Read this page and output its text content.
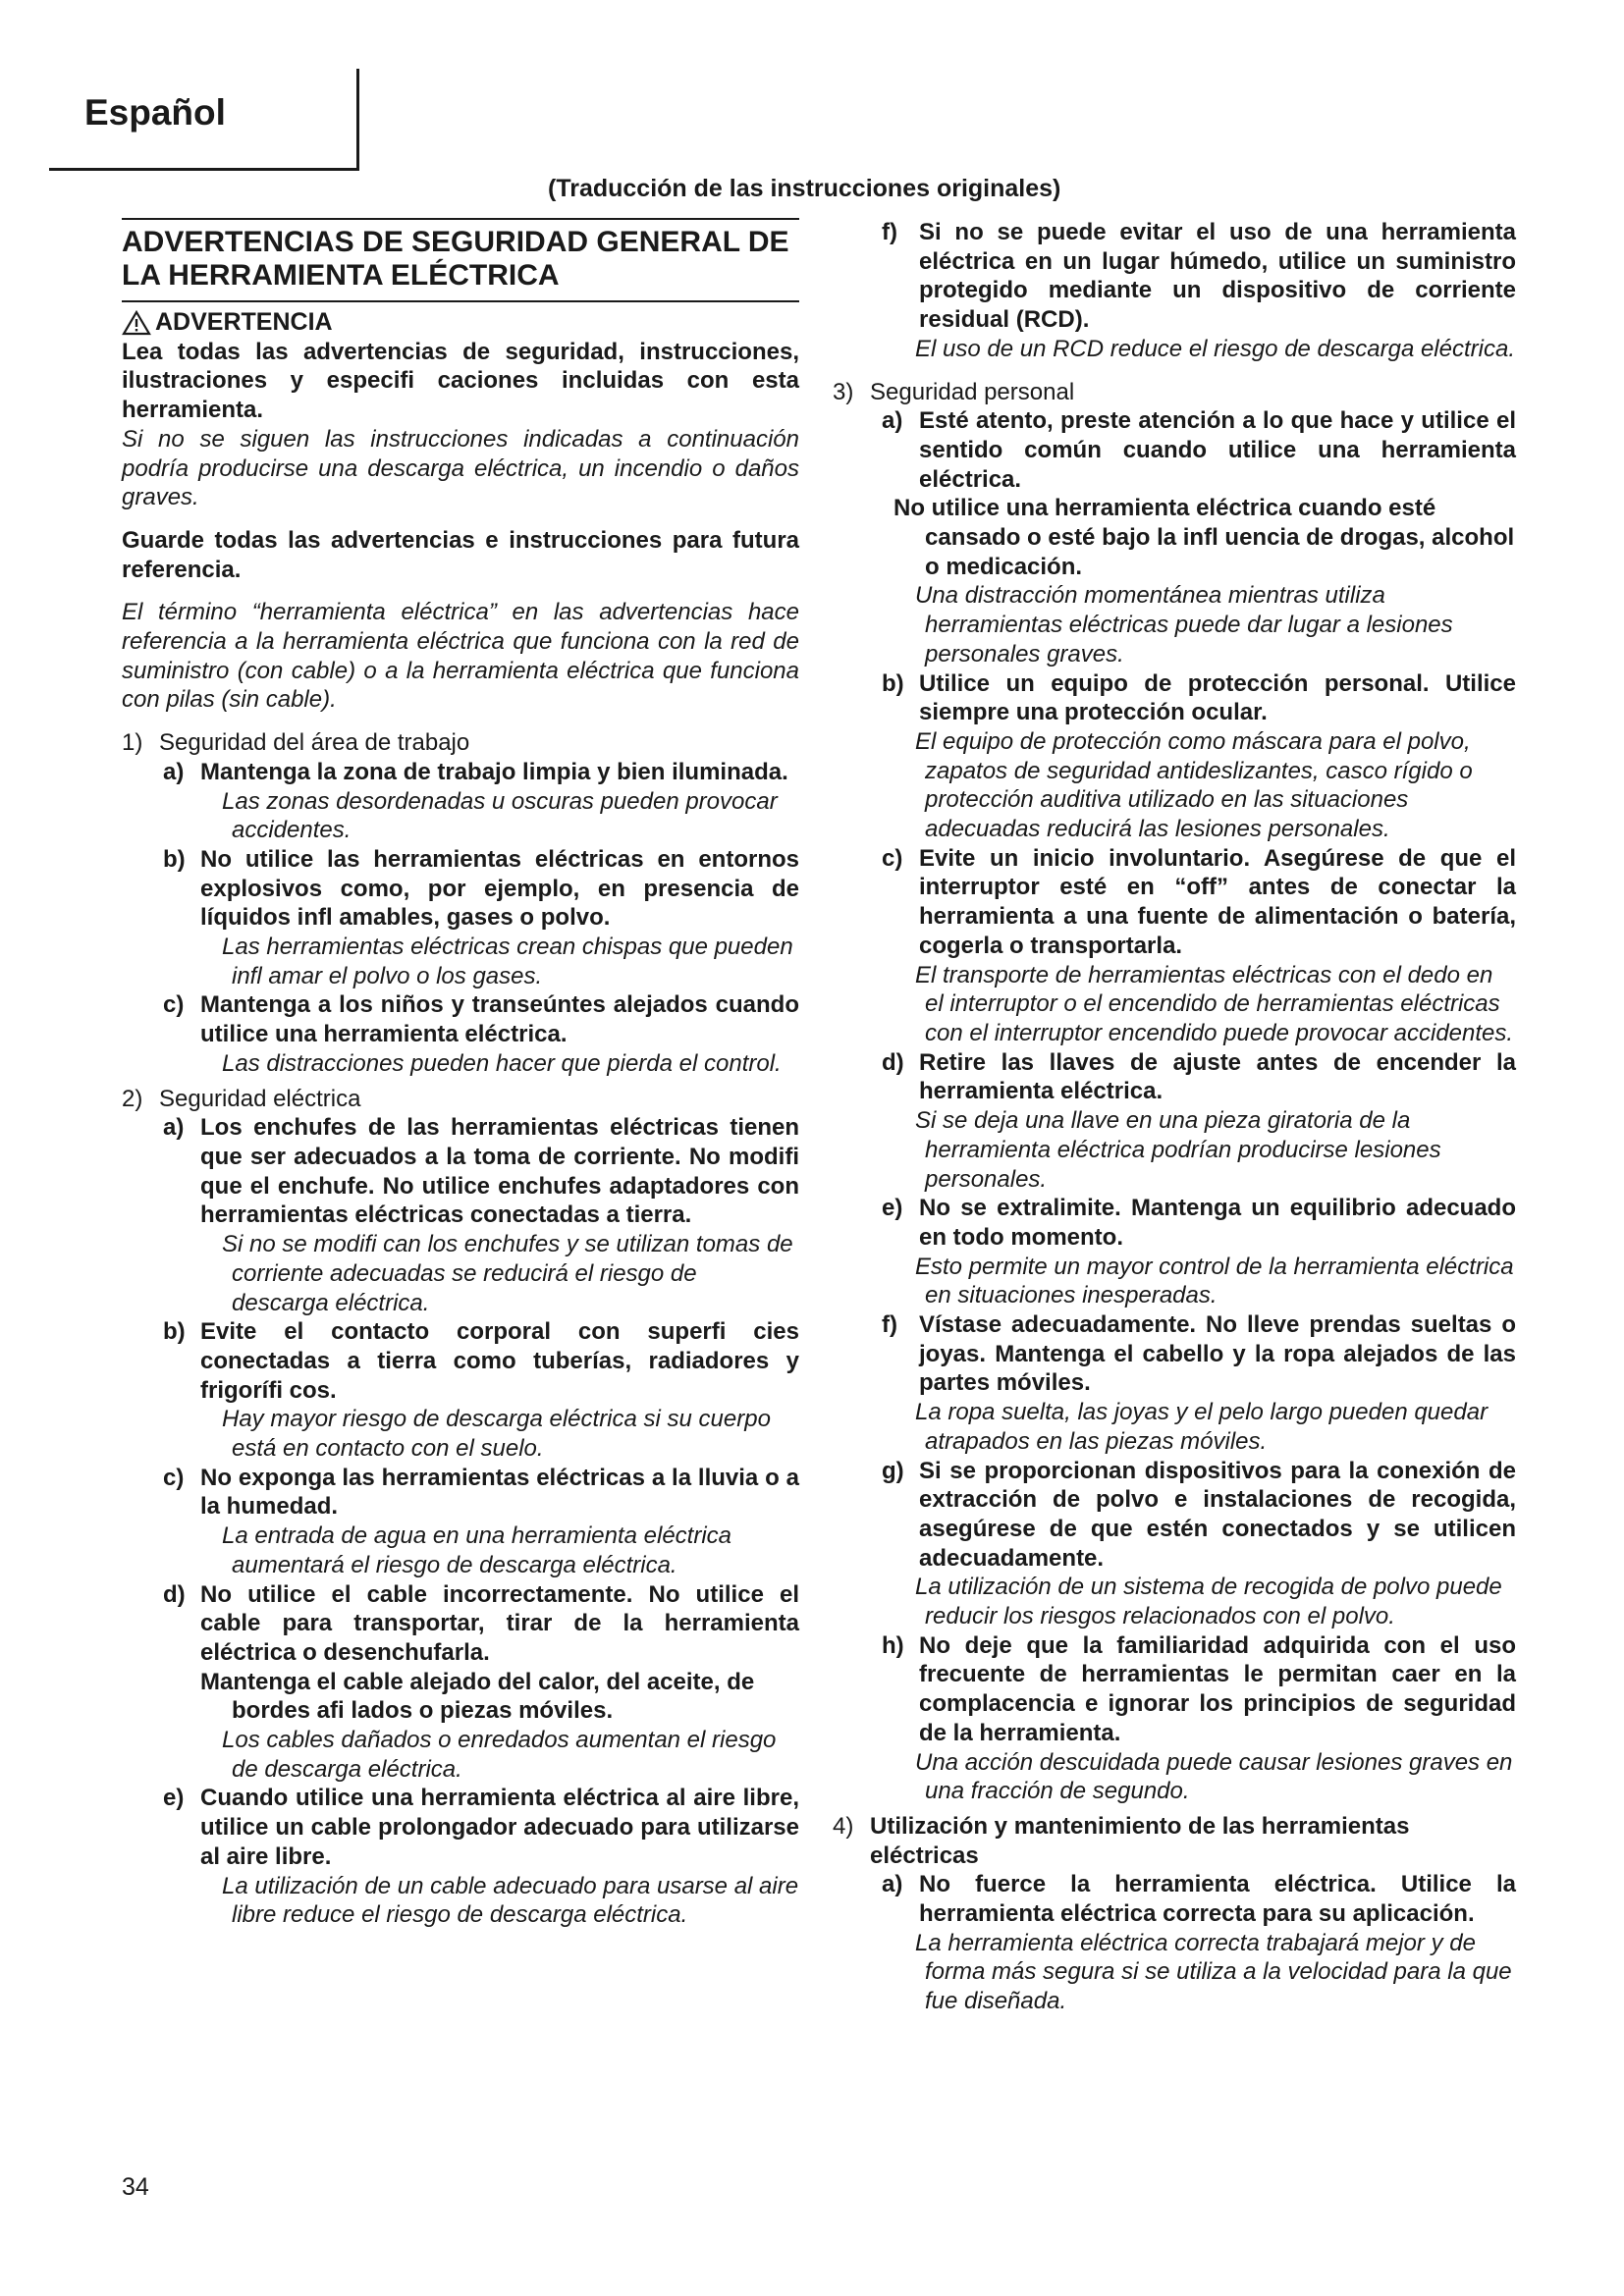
Español
(Traducción de las instrucciones originales)
ADVERTENCIAS DE SEGURIDAD GENERAL DE
LA HERRAMIENTA ELÉCTRICA
ADVERTENCIA
Lea todas las advertencias de seguridad, instrucciones, ilustraciones y especifi caciones incluidas con esta herramienta.
Si no se siguen las instrucciones indicadas a continuación podría producirse una descarga eléctrica, un incendio o daños graves.
Guarde todas las advertencias e instrucciones para futura referencia.
El término “herramienta eléctrica” en las advertencias hace referencia a la herramienta eléctrica que funciona con la red de suministro (con cable) o a la herramienta eléctrica que funciona con pilas (sin cable).
1) Seguridad del área de trabajo
a) Mantenga la zona de trabajo limpia y bien iluminada.
Las zonas desordenadas u oscuras pueden provocar accidentes.
b) No utilice las herramientas eléctricas en entornos explosivos como, por ejemplo, en presencia de líquidos infl amables, gases o polvo.
Las herramientas eléctricas crean chispas que pueden infl amar el polvo o los gases.
c) Mantenga a los niños y transeúntes alejados cuando utilice una herramienta eléctrica.
Las distracciones pueden hacer que pierda el control.
2) Seguridad eléctrica
a) Los enchufes de las herramientas eléctricas tienen que ser adecuados a la toma de corriente. No modifi que el enchufe. No utilice enchufes adaptadores con herramientas eléctricas conectadas a tierra.
Si no se modifi can los enchufes y se utilizan tomas de corriente adecuadas se reducirá el riesgo de descarga eléctrica.
b) Evite el contacto corporal con superfi cies conectadas a tierra como tuberías, radiadores y frigorífi cos.
Hay mayor riesgo de descarga eléctrica si su cuerpo está en contacto con el suelo.
c) No exponga las herramientas eléctricas a la lluvia o a la humedad.
La entrada de agua en una herramienta eléctrica aumentará el riesgo de descarga eléctrica.
d) No utilice el cable incorrectamente. No utilice el cable para transportar, tirar de la herramienta eléctrica o desenchufarla.
Mantenga el cable alejado del calor, del aceite, de bordes afi lados o piezas móviles.
Los cables dañados o enredados aumentan el riesgo de descarga eléctrica.
e) Cuando utilice una herramienta eléctrica al aire libre, utilice un cable prolongador adecuado para utilizarse al aire libre.
La utilización de un cable adecuado para usarse al aire libre reduce el riesgo de descarga eléctrica.
f) Si no se puede evitar el uso de una herramienta eléctrica en un lugar húmedo, utilice un suministro protegido mediante un dispositivo de corriente residual (RCD).
El uso de un RCD reduce el riesgo de descarga eléctrica.
3) Seguridad personal
a) Esté atento, preste atención a lo que hace y utilice el sentido común cuando utilice una herramienta eléctrica.
No utilice una herramienta eléctrica cuando esté cansado o esté bajo la infl uencia de drogas, alcohol o medicación.
Una distracción momentánea mientras utiliza herramientas eléctricas puede dar lugar a lesiones personales graves.
b) Utilice un equipo de protección personal. Utilice siempre una protección ocular.
El equipo de protección como máscara para el polvo, zapatos de seguridad antideslizantes, casco rígido o protección auditiva utilizado en las situaciones adecuadas reducirá las lesiones personales.
c) Evite un inicio involuntario. Asegúrese de que el interruptor esté en “off” antes de conectar la herramienta a una fuente de alimentación o batería, cogerla o transportarla.
El transporte de herramientas eléctricas con el dedo en el interruptor o el encendido de herramientas eléctricas con el interruptor encendido puede provocar accidentes.
d) Retire las llaves de ajuste antes de encender la herramienta eléctrica.
Si se deja una llave en una pieza giratoria de la herramienta eléctrica podrían producirse lesiones personales.
e) No se extralimite. Mantenga un equilibrio adecuado en todo momento.
Esto permite un mayor control de la herramienta eléctrica en situaciones inesperadas.
f) Vístase adecuadamente. No lleve prendas sueltas o joyas. Mantenga el cabello y la ropa alejados de las partes móviles.
La ropa suelta, las joyas y el pelo largo pueden quedar atrapados en las piezas móviles.
g) Si se proporcionan dispositivos para la conexión de extracción de polvo e instalaciones de recogida, asegúrese de que estén conectados y se utilicen adecuadamente.
La utilización de un sistema de recogida de polvo puede reducir los riesgos relacionados con el polvo.
h) No deje que la familiaridad adquirida con el uso frecuente de herramientas le permitan caer en la complacencia e ignorar los principios de seguridad de la herramienta.
Una acción descuidada puede causar lesiones graves en una fracción de segundo.
4) Utilización y mantenimiento de las herramientas eléctricas
a) No fuerce la herramienta eléctrica. Utilice la herramienta eléctrica correcta para su aplicación.
La herramienta eléctrica correcta trabajará mejor y de forma más segura si se utiliza a la velocidad para la que fue diseñada.
34
